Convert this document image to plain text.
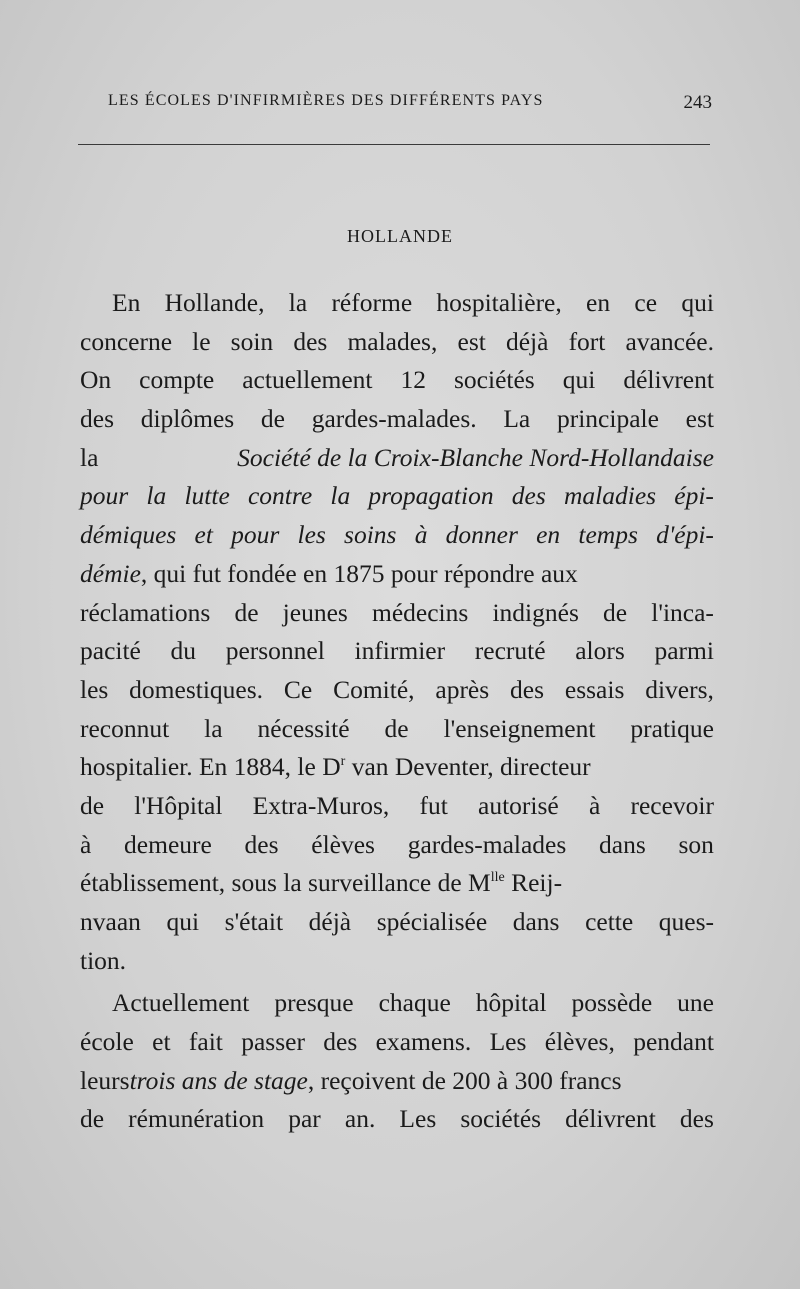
LES ÉCOLES D'INFIRMIÈRES DES DIFFÉRENTS PAYS	243
HOLLANDE
En Hollande, la réforme hospitalière, en ce qui
concerne le soin des malades, est déjà fort avancée.
On compte actuellement 12 sociétés qui délivrent
des diplômes de gardes-malades. La principale est
la	Société de la Croix-Blanche Nord-Hollandaise
pour la lutte contre la propagation des maladies épi-
démiques et pour les soins à donner en temps d'épi-
démie, qui fut fondée en 1875 pour répondre aux
réclamations de jeunes médecins indignés de l'inca-
pacité du personnel infirmier recruté alors parmi
les domestiques. Ce Comité, après des essais divers,
reconnut la nécessité de l'enseignement pratique
hospitalier. En 1884, le $D^r$ van Deventer, directeur
de l'Hôpital Extra-Muros, fut autorisé à recevoir
à demeure des élèves gardes-malades dans son
établissement, sous la surveillance de $M^{lle}$ Reij-
nvaan qui s'était déjà spécialisée dans cette ques-
tion.
Actuellement presque chaque hôpital possède une
école et fait passer des examens. Les élèves, pendant
leurstrois ans de stage, reçoivent de 200 à 300 francs
de rémunération par an. Les sociétés délivrent des
